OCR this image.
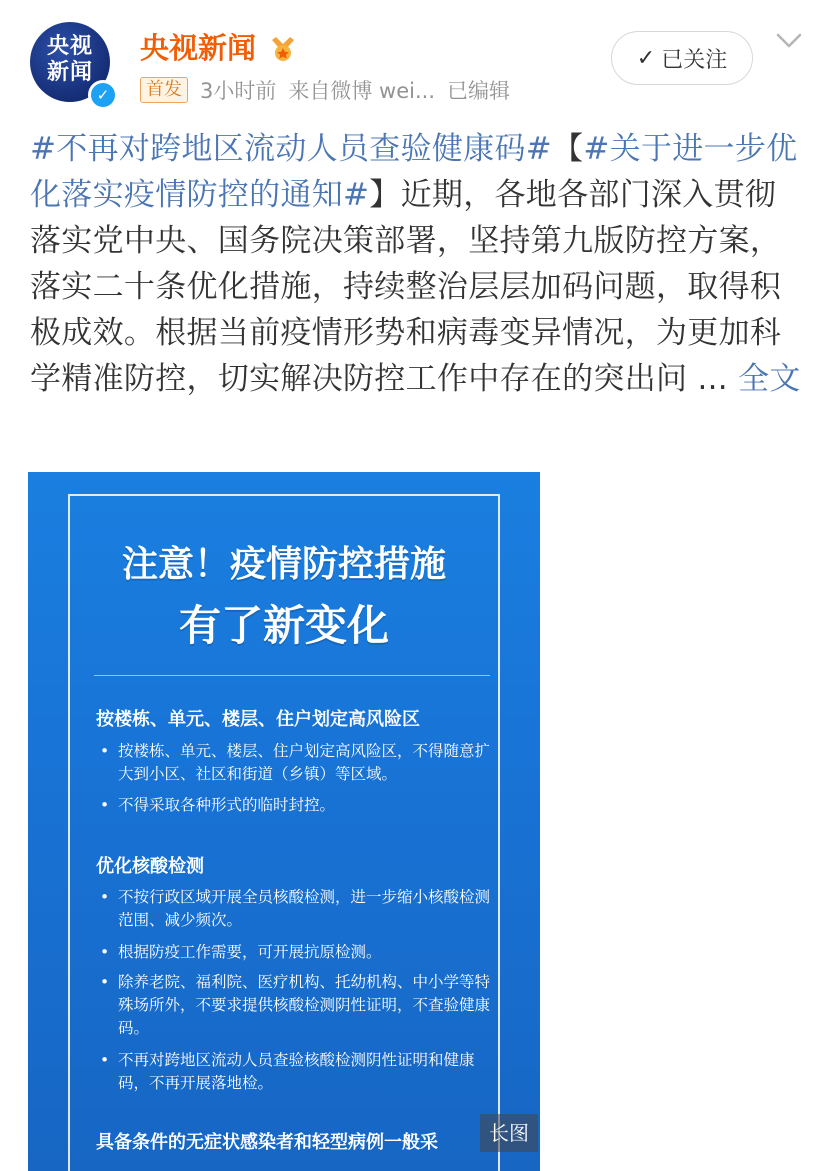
央视
新闻
✓
央视新闻
首发 3小时前 来自微博 wei... 已编辑
✓ 已关注
#不再对跨地区流动人员查验健康码#【#关于进一步优化落实疫情防控的通知#】近期，各地各部门深入贯彻落实党中央、国务院决策部署，坚持第九版防控方案，落实二十条优化措施，持续整治层层加码问题，取得积极成效。根据当前疫情形势和病毒变异情况，为更加科学精准防控，切实解决防控工作中存在的突出问 ... 全文
注意！疫情防控措施
有了新变化
按楼栋、单元、楼层、住户划定高风险区
• 按楼栋、单元、楼层、住户划定高风险区，不得随意扩大到小区、社区和街道（乡镇）等区域。
• 不得采取各种形式的临时封控。
优化核酸检测
• 不按行政区域开展全员核酸检测，进一步缩小核酸检测范围、减少频次。
• 根据防疫工作需要，可开展抗原检测。
• 除养老院、福利院、医疗机构、托幼机构、中小学等特殊场所外，不要求提供核酸检测阴性证明，不查验健康码。
• 不再对跨地区流动人员查验核酸检测阴性证明和健康码，不再开展落地检。
具备条件的无症状感染者和轻型病例一般采	长图
